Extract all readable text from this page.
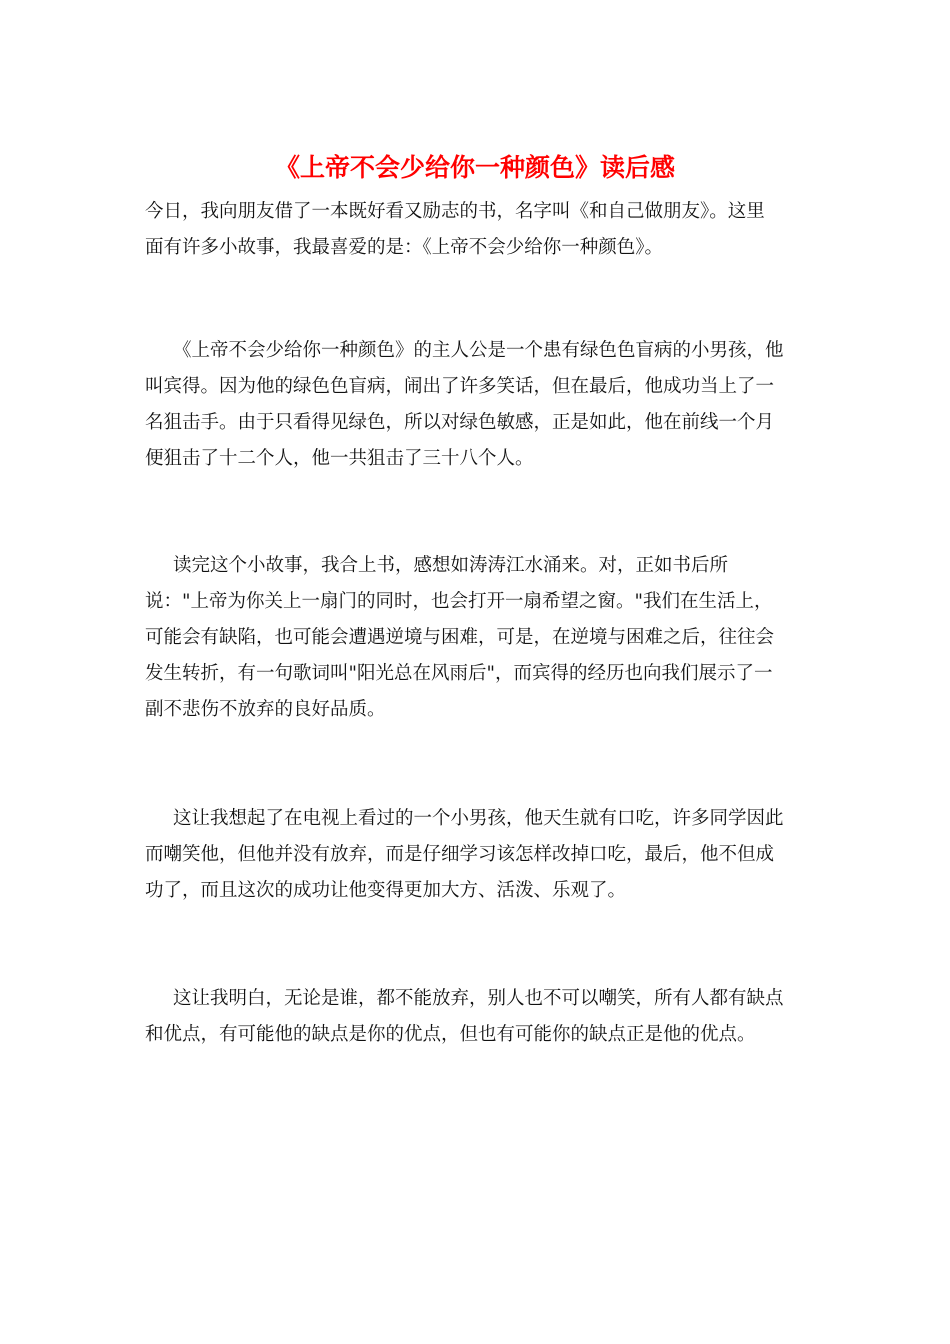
《上帝不会少给你一种颜色》读后感
今日，我向朋友借了一本既好看又励志的书，名字叫《和自己做朋友》。这里
面有许多小故事，我最喜爱的是：《上帝不会少给你一种颜色》。
《上帝不会少给你一种颜色》的主人公是一个患有绿色色盲病的小男孩，他
叫宾得。因为他的绿色色盲病，闹出了许多笑话，但在最后，他成功当上了一
名狙击手。由于只看得见绿色，所以对绿色敏感，正是如此，他在前线一个月
便狙击了十二个人，他一共狙击了三十八个人。
读完这个小故事，我合上书，感想如涛涛江水涌来。对，正如书后所
说："上帝为你关上一扇门的同时，也会打开一扇希望之窗。"我们在生活上，
可能会有缺陷，也可能会遭遇逆境与困难，可是，在逆境与困难之后，往往会
发生转折，有一句歌词叫"阳光总在风雨后"，而宾得的经历也向我们展示了一
副不悲伤不放弃的良好品质。
这让我想起了在电视上看过的一个小男孩，他天生就有口吃，许多同学因此
而嘲笑他，但他并没有放弃，而是仔细学习该怎样改掉口吃，最后，他不但成
功了，而且这次的成功让他变得更加大方、活泼、乐观了。
这让我明白，无论是谁，都不能放弃，别人也不可以嘲笑，所有人都有缺点
和优点，有可能他的缺点是你的优点，但也有可能你的缺点正是他的优点。
